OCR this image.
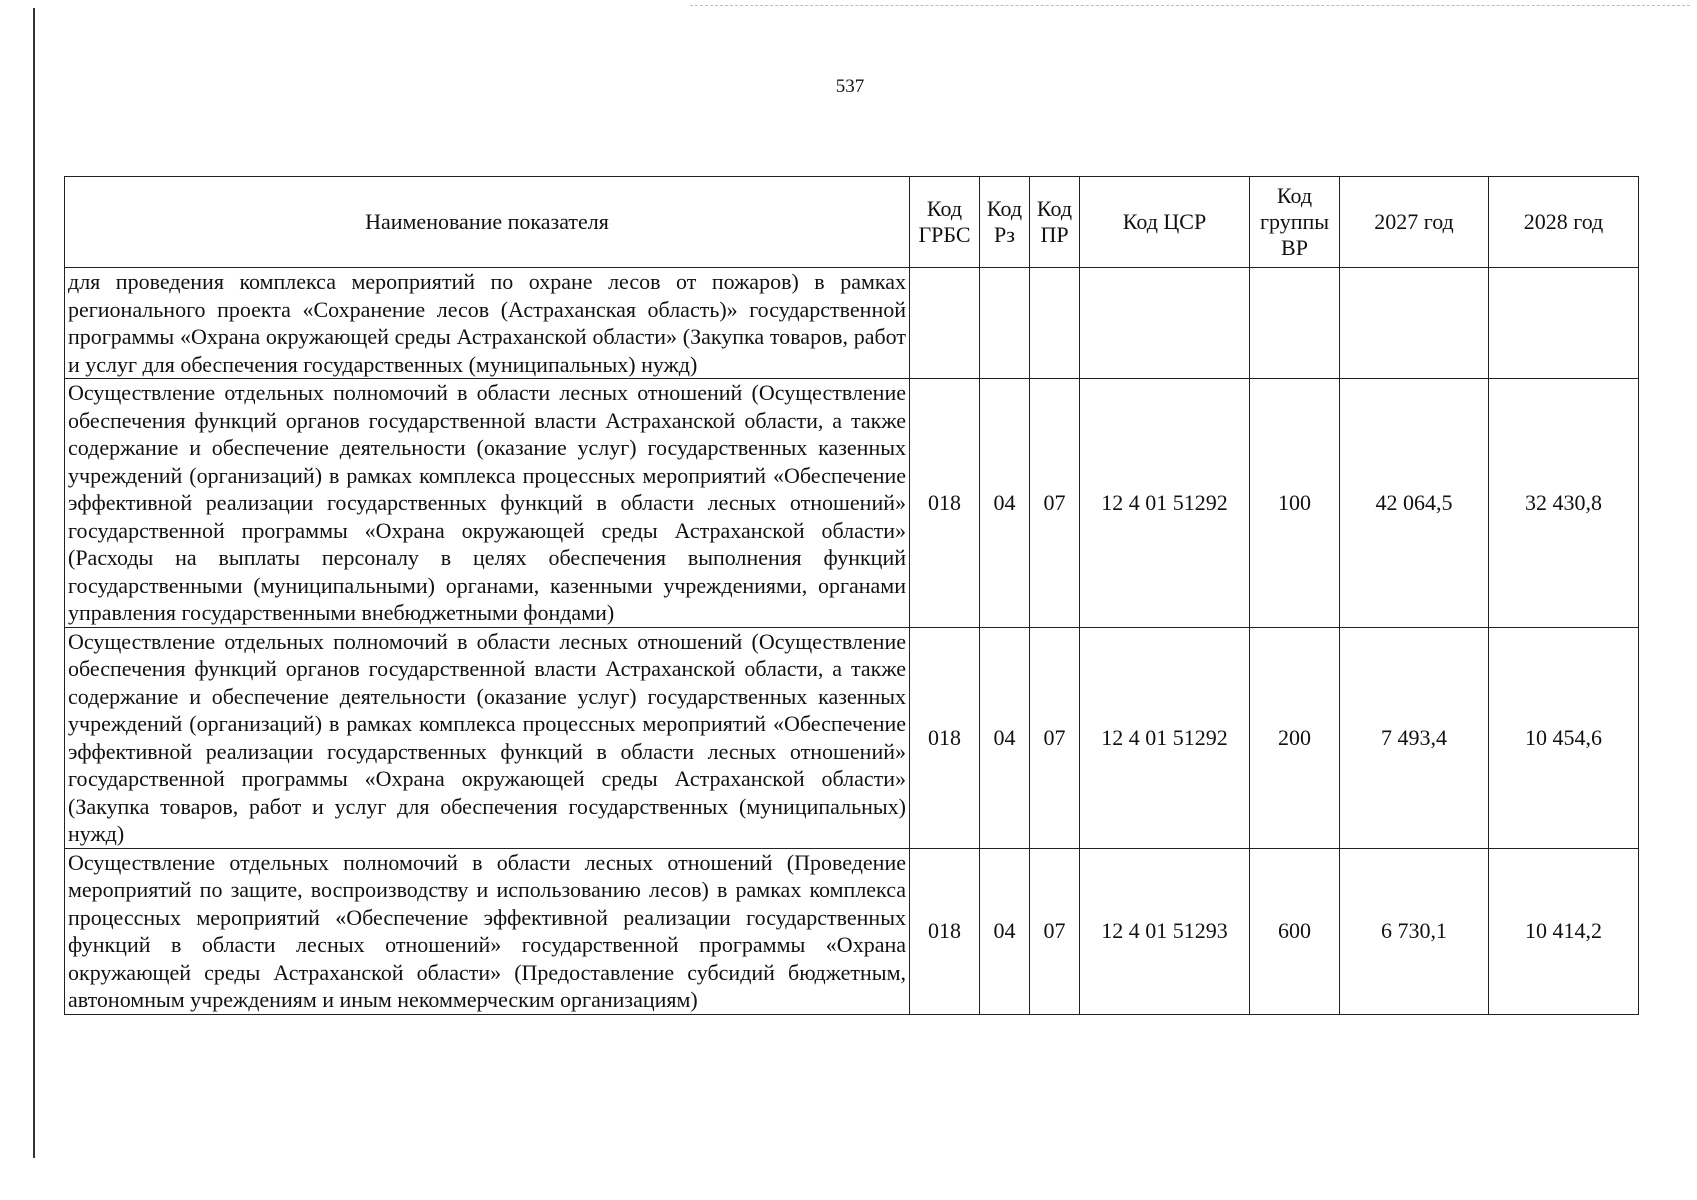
537
Наименование показателя	Код ГРБС	Код Рз	Код ПР	Код ЦСР	Код группы ВР	2027 год	2028 год
для проведения комплекса мероприятий по охране лесов от пожаров) в рамках регионального проекта «Сохранение лесов (Астраханская область)» государственной программы «Охрана окружающей среды Астраханской области» (Закупка товаров, работ и услуг для обеспечения государственных (муниципальных) нужд)							
Осуществление отдельных полномочий в области лесных отношений (Осуществление обеспечения функций органов государственной власти Астраханской области, а также содержание и обеспечение деятельности (оказание услуг) государственных казенных учреждений (организаций) в рамках комплекса процессных мероприятий «Обеспечение эффективной реализации государственных функций в области лесных отношений» государственной программы «Охрана окружающей среды Астраханской области» (Расходы на выплаты персоналу в целях обеспечения выполнения функций государственными (муниципальными) органами, казенными учреждениями, органами управления государственными внебюджетными фондами)	018	04	07	12 4 01 51292	100	42 064,5	32 430,8
Осуществление отдельных полномочий в области лесных отношений (Осуществление обеспечения функций органов государственной власти Астраханской области, а также содержание и обеспечение деятельности (оказание услуг) государственных казенных учреждений (организаций) в рамках комплекса процессных мероприятий «Обеспечение эффективной реализации государственных функций в области лесных отношений» государственной программы «Охрана окружающей среды Астраханской области» (Закупка товаров, работ и услуг для обеспечения государственных (муниципальных) нужд)	018	04	07	12 4 01 51292	200	7 493,4	10 454,6
Осуществление отдельных полномочий в области лесных отношений (Проведение мероприятий по защите, воспроизводству и использованию лесов) в рамках комплекса процессных мероприятий «Обеспечение эффективной реализации государственных функций в области лесных отношений» государственной программы «Охрана окружающей среды Астраханской области» (Предоставление субсидий бюджетным, автономным учреждениям и иным некоммерческим организациям)	018	04	07	12 4 01 51293	600	6 730,1	10 414,2
